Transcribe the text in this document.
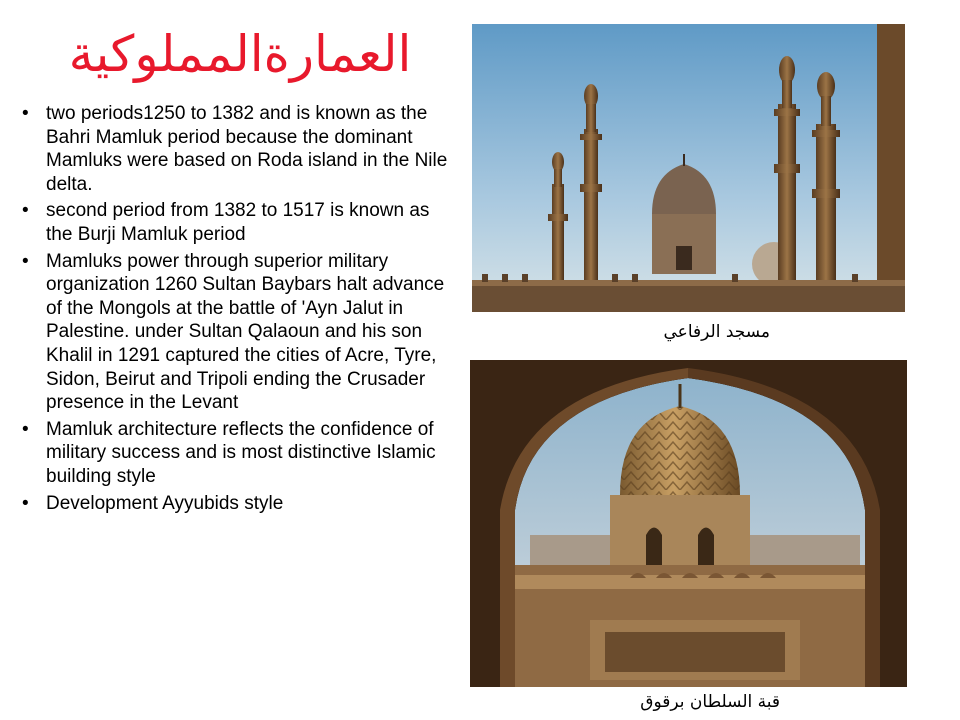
العمارةالمملوكية
• two periods1250 to 1382 and is known as the Bahri Mamluk period because the dominant Mamluks were based on Roda island in the Nile delta.
• second period from 1382 to 1517 is known as the Burji Mamluk period
• Mamluks power through superior military organization 1260 Sultan Baybars halt advance of the Mongols at the battle of 'Ayn Jalut in Palestine. under Sultan Qalaoun and his son Khalil in 1291 captured the cities of Acre, Tyre, Sidon, Beirut and Tripoli ending the Crusader presence in the Levant
• Mamluk architecture reflects the confidence of military success and is most distinctive Islamic building style
• Development Ayyubids style
مسجد الرفاعي
قبة السلطان برقوق
